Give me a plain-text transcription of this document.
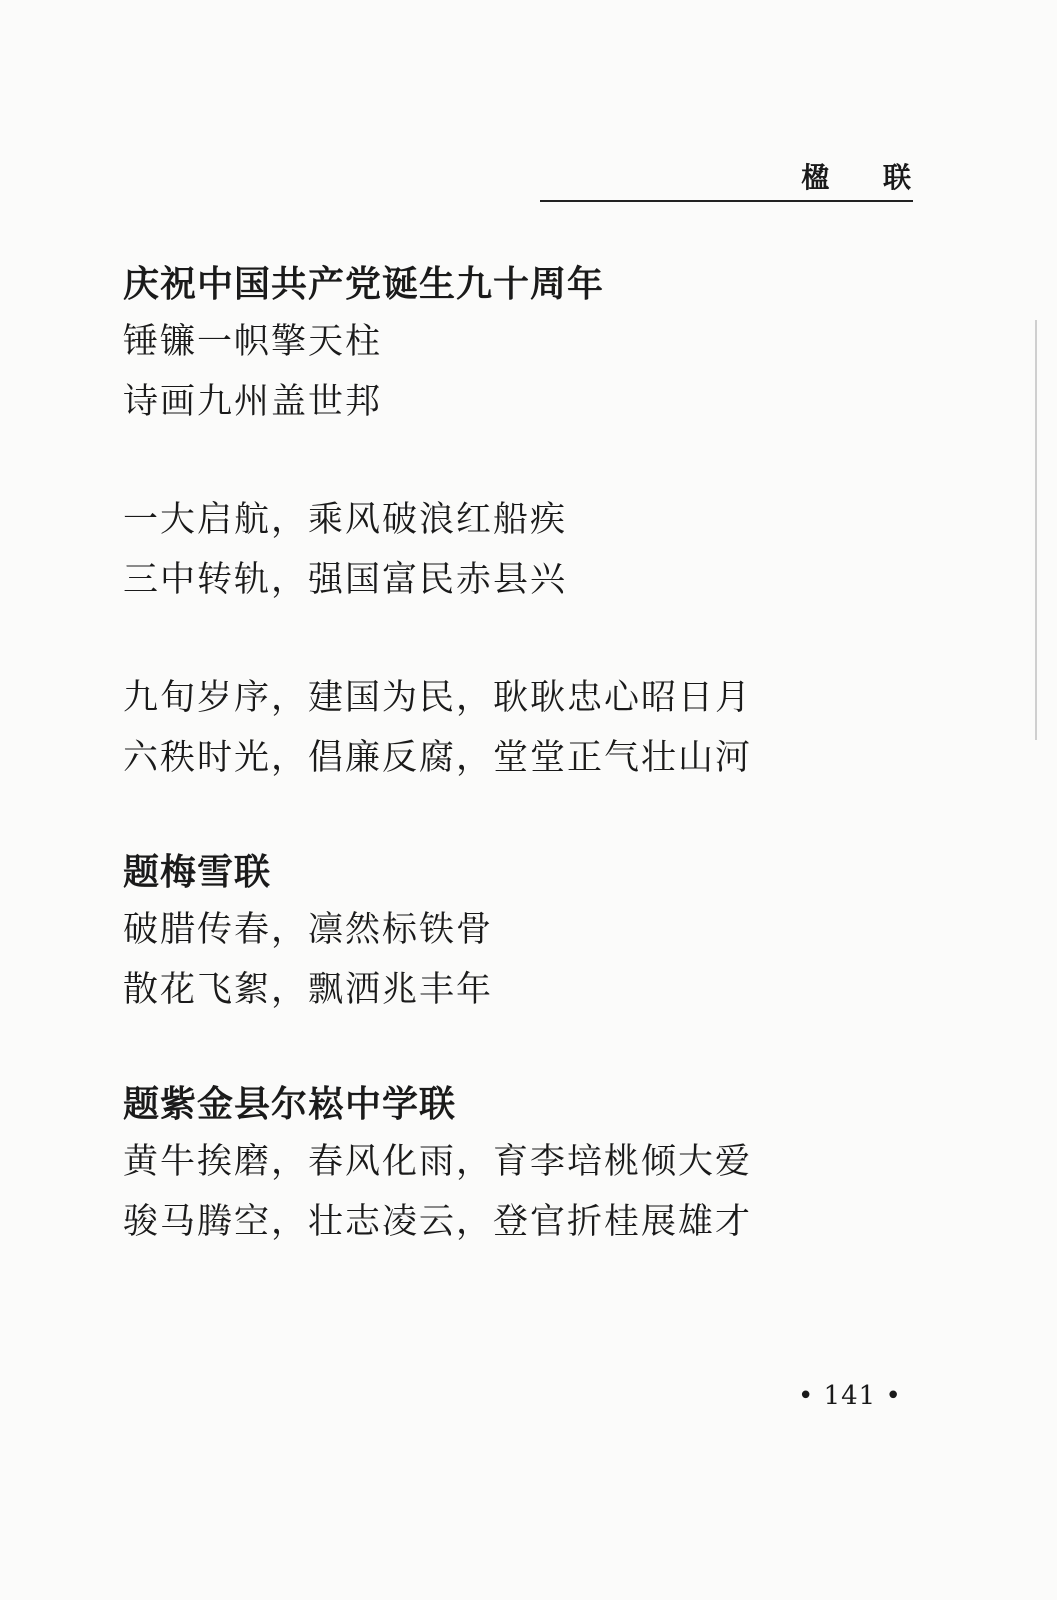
楹 联
庆祝中国共产党诞生九十周年
锤镰一帜擎天柱
诗画九州盖世邦
一大启航，乘风破浪红船疾
三中转轨，强国富民赤县兴
九旬岁序，建国为民，耿耿忠心昭日月
六秩时光，倡廉反腐，堂堂正气壮山河
题梅雪联
破腊传春，凛然标铁骨
散花飞絮，飘洒兆丰年
题紫金县尔崧中学联
黄牛挨磨，春风化雨，育李培桃倾大爱
骏马腾空，壮志凌云，登官折桂展雄才
• 141 •
